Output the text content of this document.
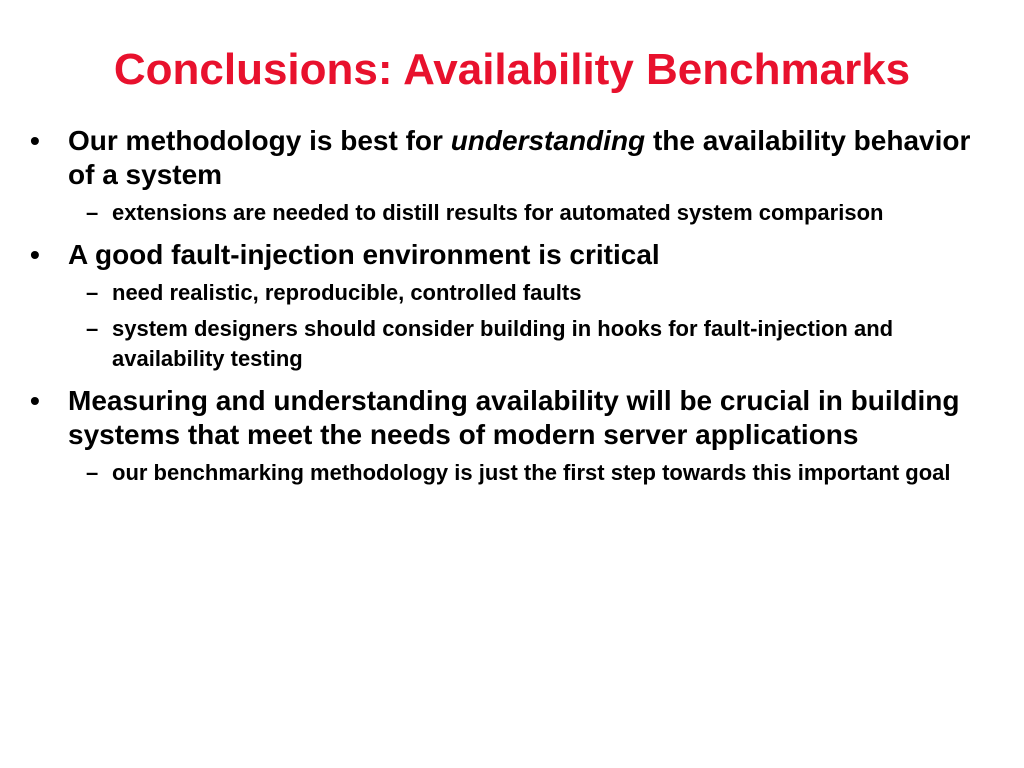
Conclusions: Availability Benchmarks
•	Our methodology is best for understanding the availability behavior of a system
– extensions are needed to distill results for automated system comparison
•	A good fault-injection environment is critical
– need realistic, reproducible, controlled faults
– system designers should consider building in hooks for fault-injection and availability testing
•	Measuring and understanding availability will be crucial in building systems that meet the needs of modern server applications
– our benchmarking methodology is just the first step towards this important goal
